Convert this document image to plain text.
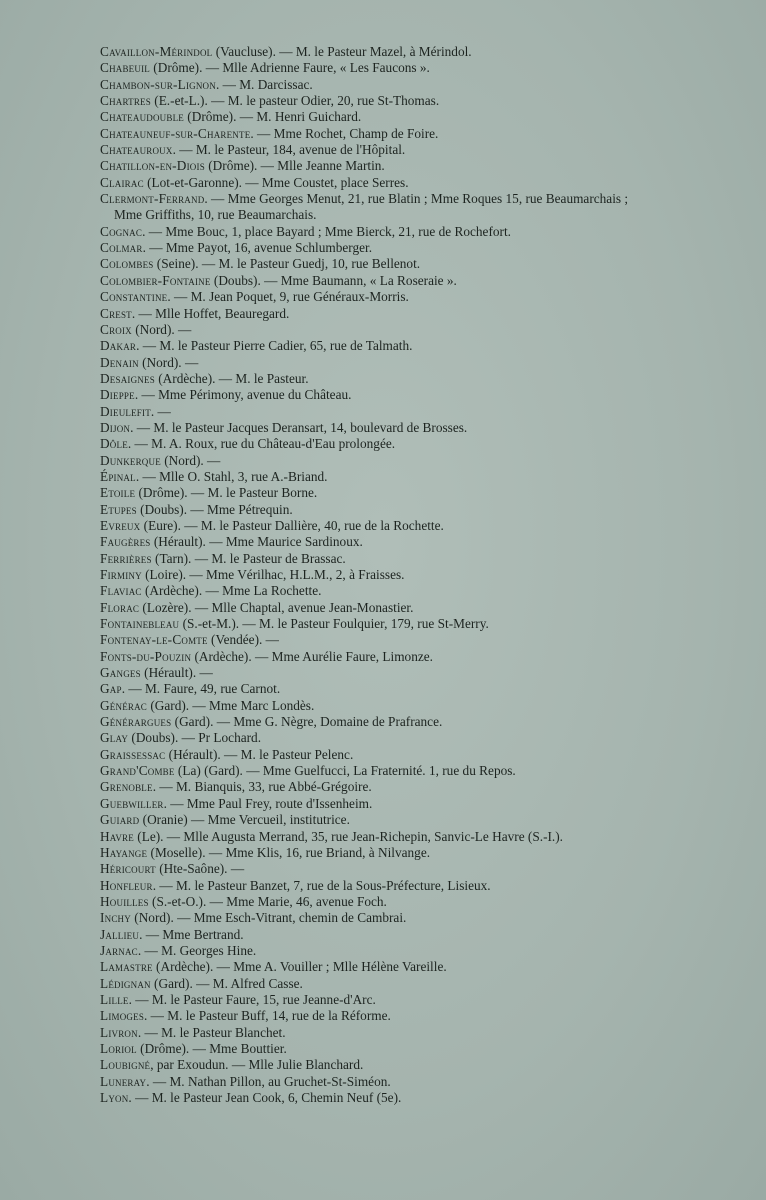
Cavaillon-Mérindol (Vaucluse). — M. le Pasteur Mazel, à Mérindol.
Chabeuil (Drôme). — Mlle Adrienne Faure, « Les Faucons ».
Chambon-sur-Lignon. — M. Darcissac.
Chartres (E.-et-L.). — M. le pasteur Odier, 20, rue St-Thomas.
Chateaudouble (Drôme). — M. Henri Guichard.
Chateauneuf-sur-Charente. — Mme Rochet, Champ de Foire.
Chateauroux. — M. le Pasteur, 184, avenue de l'Hôpital.
Chatillon-en-Diois (Drôme). — Mlle Jeanne Martin.
Clairac (Lot-et-Garonne). — Mme Coustet, place Serres.
Clermont-Ferrand. — Mme Georges Menut, 21, rue Blatin ; Mme Roques 15, rue Beaumarchais ; Mme Griffiths, 10, rue Beaumarchais.
Cognac. — Mme Bouc, 1, place Bayard ; Mme Bierck, 21, rue de Rochefort.
Colmar. — Mme Payot, 16, avenue Schlumberger.
Colombes (Seine). — M. le Pasteur Guedj, 10, rue Bellenot.
Colombier-Fontaine (Doubs). — Mme Baumann, « La Roseraie ».
Constantine. — M. Jean Poquet, 9, rue Généraux-Morris.
Crest. — Mlle Hoffet, Beauregard.
Croix (Nord). —
Dakar. — M. le Pasteur Pierre Cadier, 65, rue de Talmath.
Denain (Nord). —
Desaignes (Ardèche). — M. le Pasteur.
Dieppe. — Mme Périmony, avenue du Château.
Dieulefit. —
Dijon. — M. le Pasteur Jacques Deransart, 14, boulevard de Brosses.
Dôle. — M. A. Roux, rue du Château-d'Eau prolongée.
Dunkerque (Nord). —
Épinal. — Mlle O. Stahl, 3, rue A.-Briand.
Etoile (Drôme). — M. le Pasteur Borne.
Etupes (Doubs). — Mme Pétrequin.
Evreux (Eure). — M. le Pasteur Dallière, 40, rue de la Rochette.
Faugères (Hérault). — Mme Maurice Sardinoux.
Ferrières (Tarn). — M. le Pasteur de Brassac.
Firminy (Loire). — Mme Vérilhac, H.L.M., 2, à Fraisses.
Flaviac (Ardèche). — Mme La Rochette.
Florac (Lozère). — Mlle Chaptal, avenue Jean-Monastier.
Fontainebleau (S.-et-M.). — M. le Pasteur Foulquier, 179, rue St-Merry.
Fontenay-le-Comte (Vendée). —
Fonts-du-Pouzin (Ardèche). — Mme Aurélie Faure, Limonze.
Ganges (Hérault). —
Gap. — M. Faure, 49, rue Carnot.
Générac (Gard). — Mme Marc Londès.
Générargues (Gard). — Mme G. Nègre, Domaine de Prafrance.
Glay (Doubs). — Pr Lochard.
Graissessac (Hérault). — M. le Pasteur Pelenc.
Grand'Combe (La) (Gard). — Mme Guelfucci, La Fraternité. 1, rue du Repos.
Grenoble. — M. Bianquis, 33, rue Abbé-Grégoire.
Guebwiller. — Mme Paul Frey, route d'Issenheim.
Guiard (Oranie) — Mme Vercueil, institutrice.
Havre (Le). — Mlle Augusta Merrand, 35, rue Jean-Richepin, Sanvic-Le Havre (S.-I.).
Hayange (Moselle). — Mme Klis, 16, rue Briand, à Nilvange.
Héricourt (Hte-Saône). —
Honfleur. — M. le Pasteur Banzet, 7, rue de la Sous-Préfecture, Lisieux.
Houilles (S.-et-O.). — Mme Marie, 46, avenue Foch.
Inchy (Nord). — Mme Esch-Vitrant, chemin de Cambrai.
Jallieu. — Mme Bertrand.
Jarnac. — M. Georges Hine.
Lamastre (Ardèche). — Mme A. Vouiller ; Mlle Hélène Vareille.
Lédignan (Gard). — M. Alfred Casse.
Lille. — M. le Pasteur Faure, 15, rue Jeanne-d'Arc.
Limoges. — M. le Pasteur Buff, 14, rue de la Réforme.
Livron. — M. le Pasteur Blanchet.
Loriol (Drôme). — Mme Bouttier.
Loubigné, par Exoudun. — Mlle Julie Blanchard.
Luneray. — M. Nathan Pillon, au Gruchet-St-Siméon.
Lyon. — M. le Pasteur Jean Cook, 6, Chemin Neuf (5e).
